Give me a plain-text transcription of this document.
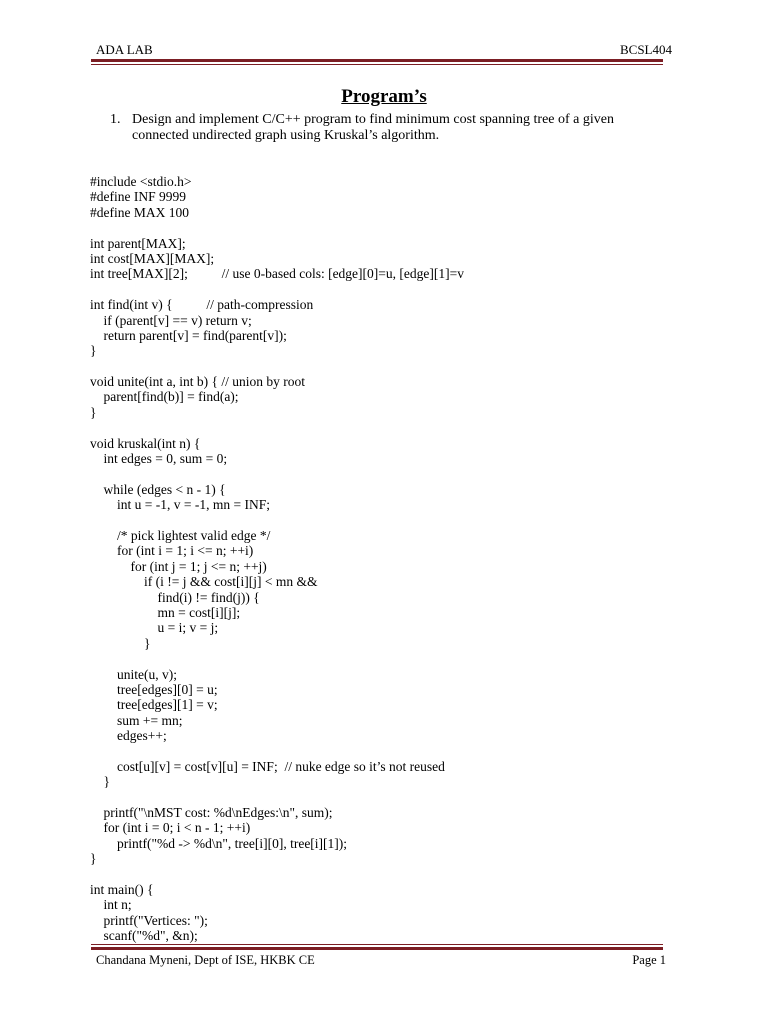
ADA LAB	BCSL404
Program’s
1. Design and implement C/C++ program to find minimum cost spanning tree of a given connected undirected graph using Kruskal’s algorithm.
#include <stdio.h>
#define INF 9999
#define MAX 100
int parent[MAX];
int cost[MAX][MAX];
int tree[MAX][2];          // use 0-based cols: [edge][0]=u, [edge][1]=v
int find(int v) {          // path-compression
if (parent[v] == v) return v;
return parent[v] = find(parent[v]);
}
void unite(int a, int b) { // union by root
parent[find(b)] = find(a);
}
void kruskal(int n) {
int edges = 0, sum = 0;
while (edges < n - 1) {
int u = -1, v = -1, mn = INF;
/* pick lightest valid edge */
for (int i = 1; i <= n; ++i)
for (int j = 1; j <= n; ++j)
if (i != j && cost[i][j] < mn &&
find(i) != find(j)) {
mn = cost[i][j];
u = i; v = j;
}
unite(u, v);
tree[edges][0] = u;
tree[edges][1] = v;
sum += mn;
edges++;
cost[u][v] = cost[v][u] = INF;  // nuke edge so it’s not reused
}
printf("\nMST cost: %d\nEdges:\n", sum);
for (int i = 0; i < n - 1; ++i)
printf("%d -> %d\n", tree[i][0], tree[i][1]);
}
int main() {
int n;
printf("Vertices: ");
scanf("%d", &n);
Chandana Myneni, Dept of ISE, HKBK CE	Page 1
